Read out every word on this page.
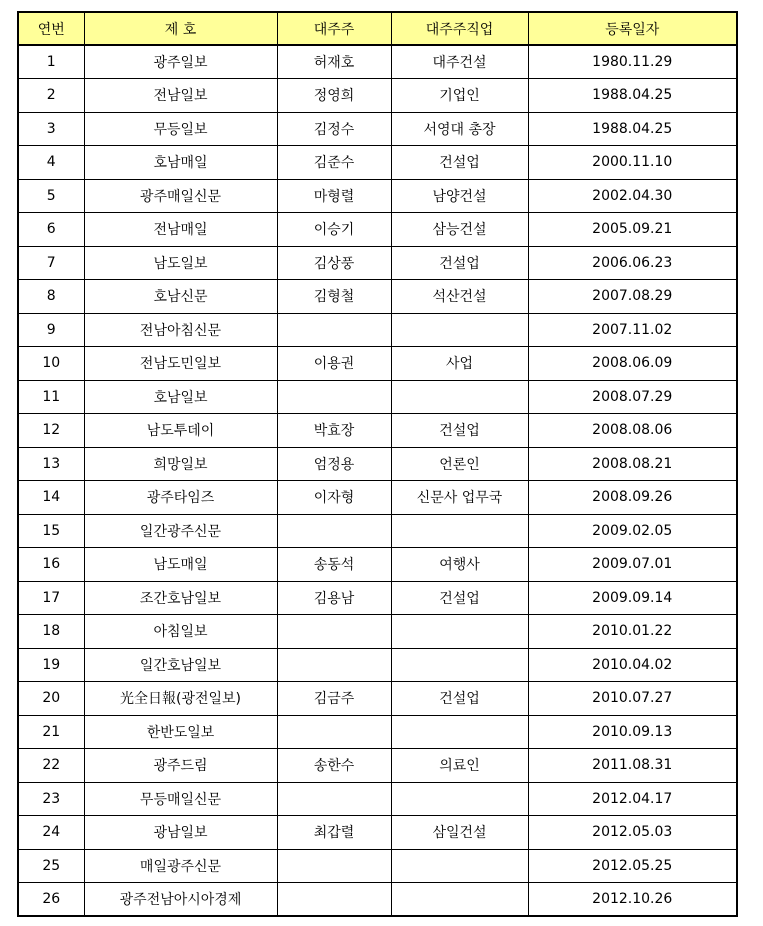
연번	제 호	대주주	대주주직업	등록일자
1	광주일보	허재호	대주건설	1980.11.29
2	전남일보	정영희	기업인	1988.04.25
3	무등일보	김정수	서영대 총장	1988.04.25
4	호남매일	김준수	건설업	2000.11.10
5	광주매일신문	마형렬	남양건설	2002.04.30
6	전남매일	이승기	삼능건설	2005.09.21
7	남도일보	김상풍	건설업	2006.06.23
8	호남신문	김형철	석산건설	2007.08.29
9	전남아침신문			2007.11.02
10	전남도민일보	이용권	사업	2008.06.09
11	호남일보			2008.07.29
12	남도투데이	박효장	건설업	2008.08.06
13	희망일보	엄정용	언론인	2008.08.21
14	광주타임즈	이자형	신문사 업무국	2008.09.26
15	일간광주신문			2009.02.05
16	남도매일	송동석	여행사	2009.07.01
17	조간호남일보	김용남	건설업	2009.09.14
18	아침일보			2010.01.22
19	일간호남일보			2010.04.02
20	光全日報(광전일보)	김금주	건설업	2010.07.27
21	한반도일보			2010.09.13
22	광주드림	송한수	의료인	2011.08.31
23	무등매일신문			2012.04.17
24	광남일보	최갑렬	삼일건설	2012.05.03
25	매일광주신문			2012.05.25
26	광주전남아시아경제			2012.10.26
